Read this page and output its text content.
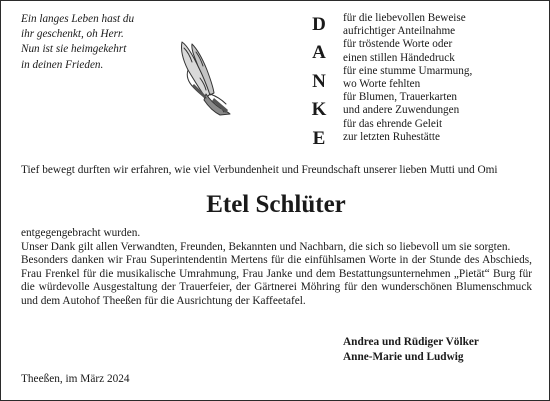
Ein langes Leben hast du
ihr geschenkt, oh Herr.
Nun ist sie heimgekehrt
in deinen Frieden.
D
A
N
K
E
für die liebevollen Beweise
aufrichtiger Anteilnahme
für tröstende Worte oder
einen stillen Händedruck
für eine stumme Umarmung,
wo Worte fehlten
für Blumen, Trauerkarten
und andere Zuwendungen
für das ehrende Geleit
zur letzten Ruhestätte
Tief bewegt durften wir erfahren, wie viel Verbundenheit und Freundschaft unserer lieben Mutti und Omi
Etel Schlüter

entgegengebracht wurden.

Unser Dank gilt allen Verwandten, Freunden, Bekannten und Nachbarn, die sich so liebevoll um sie sorgten.

Besonders danken wir Frau Superintendentin Mertens für die einfühlsamen Worte in der Stunde des Abschieds, Frau Frenkel für die musikalische Umrahmung, Frau Janke und dem Bestattungsunternehmen „Pietät“ Burg für die würdevolle Ausgestaltung der Trauerfeier, der Gärtnerei Möhring für den wunderschönen Blumenschmuck und dem Autohof Theeßen für die Ausrichtung der Kaffeetafel.

Andrea und Rüdiger Völker
Anne-Marie und Ludwig
Theeßen, im März 2024
